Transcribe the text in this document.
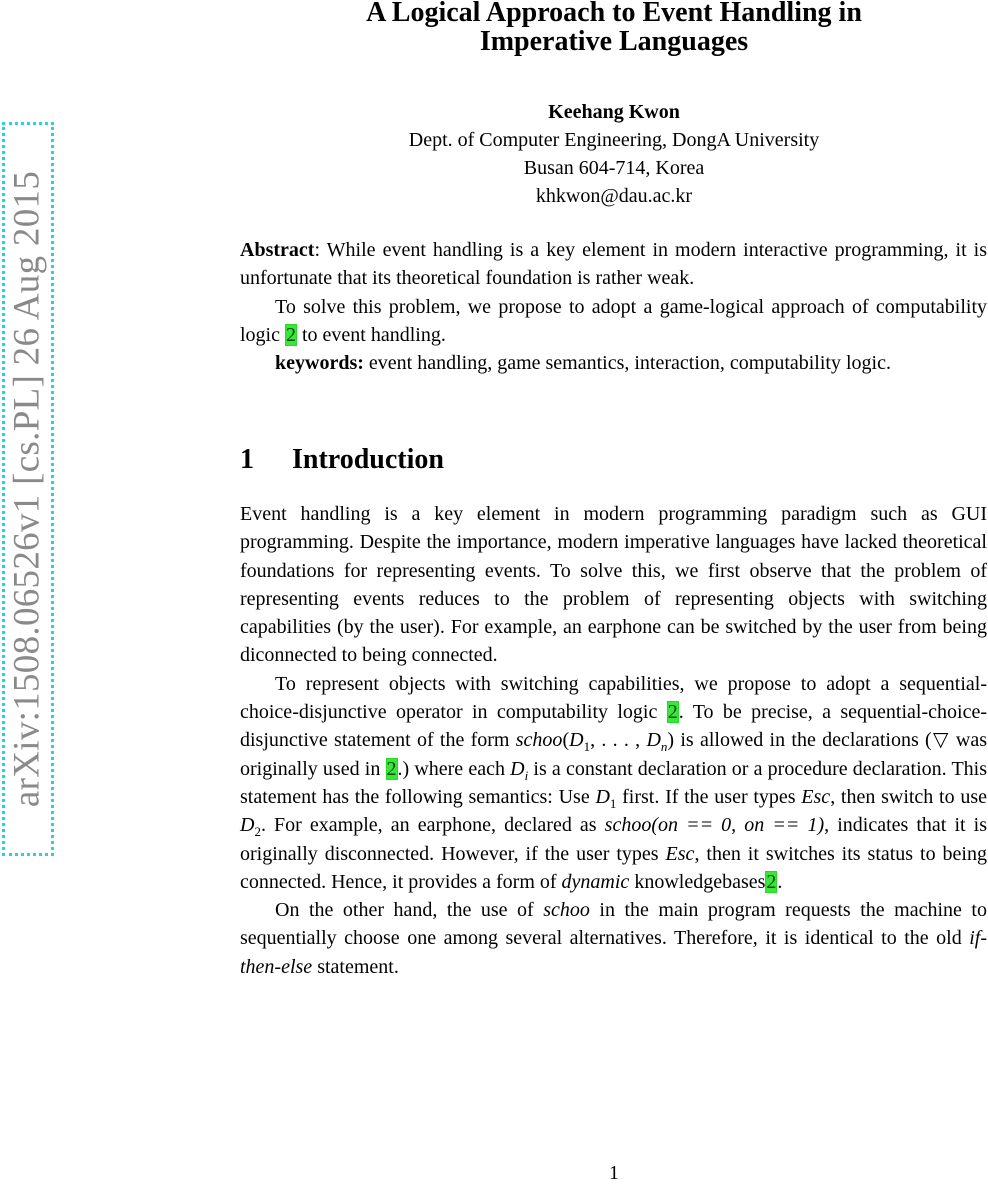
arXiv:1508.06526v1 [cs.PL] 26 Aug 2015
A Logical Approach to Event Handling in
Imperative Languages
Keehang Kwon
Dept. of Computer Engineering, DongA University
Busan 604-714, Korea
khkwon@dau.ac.kr

Abstract: While event handling is a key element in modern interactive programming, it is unfortunate that its theoretical foundation is rather weak.

To solve this problem, we propose to adopt a game-logical approach of computability logic 2 to event handling.

keywords: event handling, game semantics, interaction, computability logic.

1 Introduction

Event handling is a key element in modern programming paradigm such as GUI programming. Despite the importance, modern imperative languages have lacked theoretical foundations for representing events. To solve this, we first observe that the problem of representing events reduces to the problem of representing objects with switching capabilities (by the user). For example, an earphone can be switched by the user from being diconnected to being connected.

To represent objects with switching capabilities, we propose to adopt a sequential-choice-disjunctive operator in computability logic 2. To be precise, a sequential-choice-disjunctive statement of the form $schoo(D_1$, . . . , $D_n$) is allowed in the declarations (▽ was originally used in 2.) where each $D_i$ is a constant declaration or a procedure declaration. This statement has the following semantics: Use $D_1$ first. If the user types Esc, then switch to use $D_2$. For example, an earphone, declared as schoo(on == 0, on == 1), indicates that it is originally disconnected. However, if the user types Esc, then it switches its status to being connected. Hence, it provides a form of dynamic knowledgebases2.

On the other hand, the use of schoo in the main program requests the machine to sequentially choose one among several alternatives. Therefore, it is identical to the old if-then-else statement.

1
